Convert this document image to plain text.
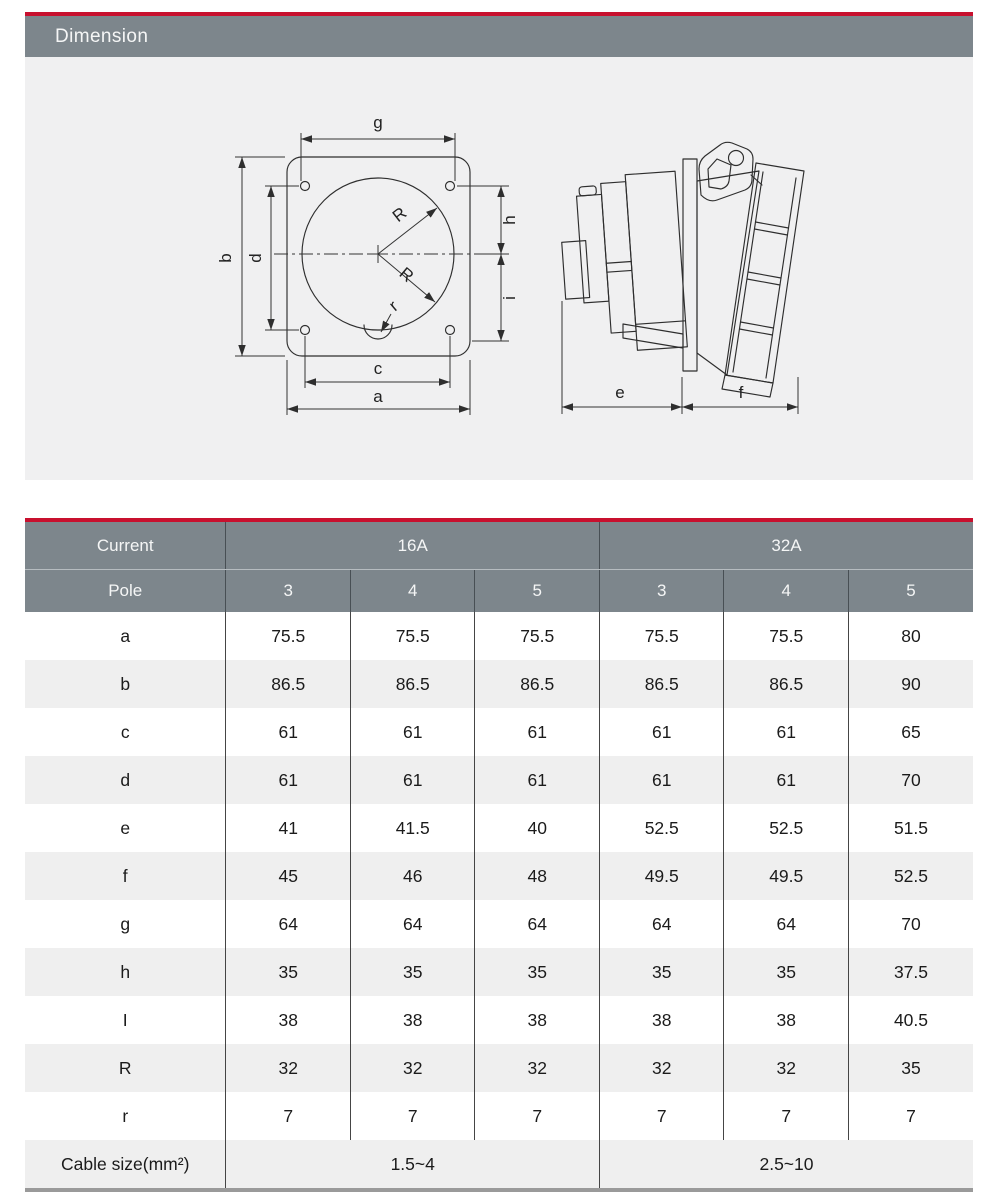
Dimension
R
R
r
g
b d
h
i
c
a	e	f
Current	16A			32A		
Pole	3	4	5	3	4	5
a	75.5	75.5	75.5	75.5	75.5	80
b	86.5	86.5	86.5	86.5	86.5	90
c	61	61	61	61	61	65
d	61	61	61	61	61	70
e	41	41.5	40	52.5	52.5	51.5
f	45	46	48	49.5	49.5	52.5
g	64	64	64	64	64	70
h	35	35	35	35	35	37.5
I	38	38	38	38	38	40.5
R	32	32	32	32	32	35
r	7	7	7	7	7	7
Cable size(mm²)	1.5~4			2.5~10		
